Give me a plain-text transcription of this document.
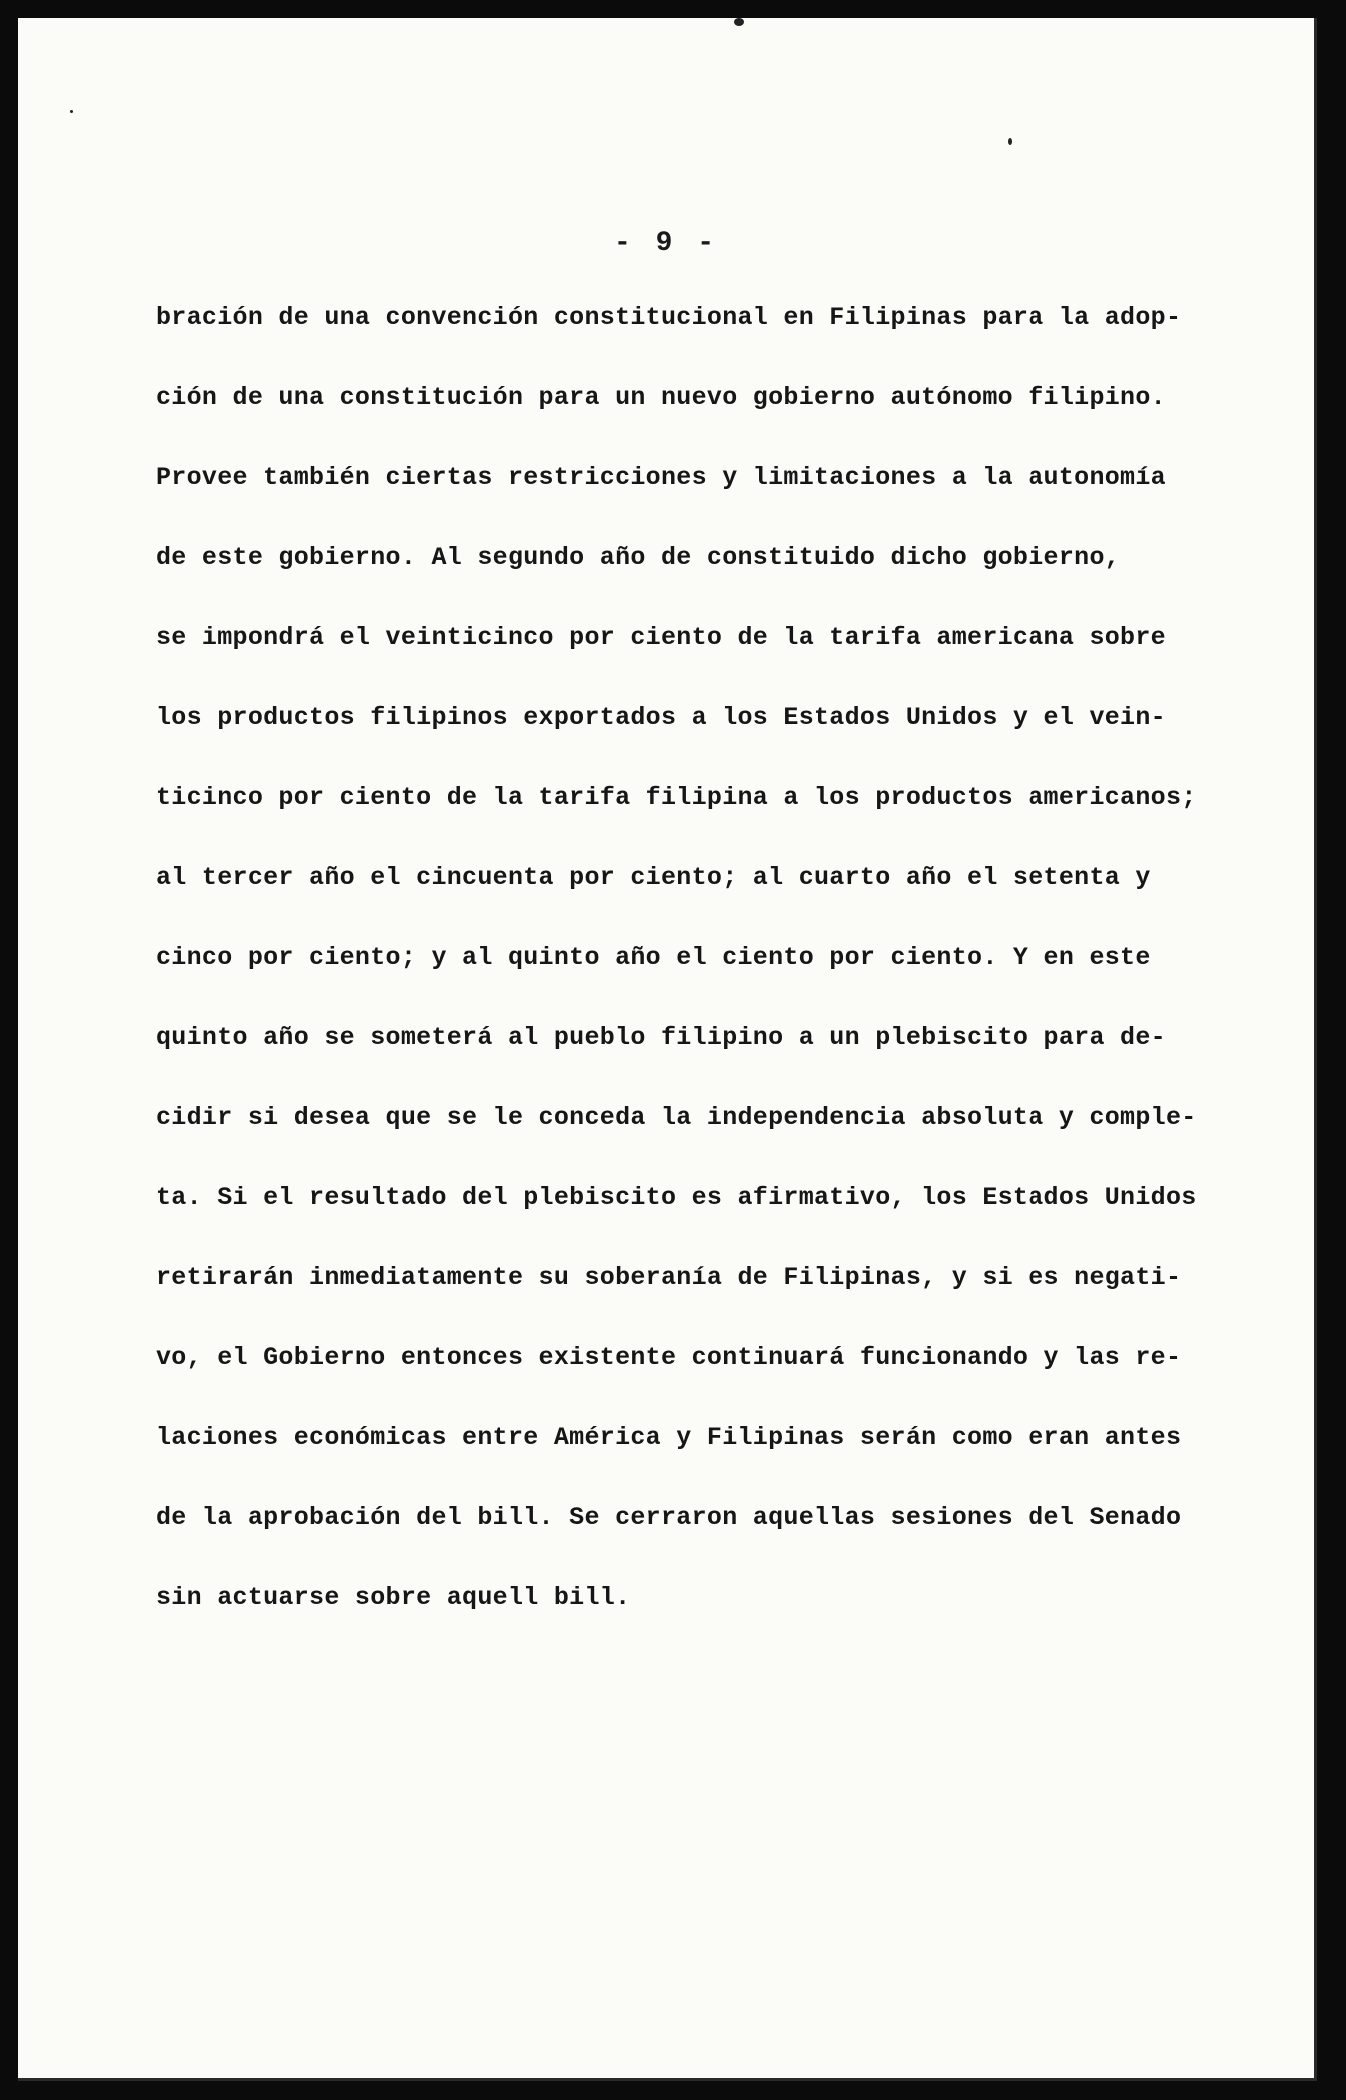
- 9 -
bración de una convención constitucional en Filipinas para la adop-
ción de una constitución para un nuevo gobierno autónomo filipino.
Provee también ciertas restricciones y limitaciones a la autonomía
de este gobierno. Al segundo año de constituido dicho gobierno,
se impondrá el veinticinco por ciento de la tarifa americana sobre
los productos filipinos exportados a los Estados Unidos y el vein-
ticinco por ciento de la tarifa filipina a los productos americanos;
al tercer año el cincuenta por ciento; al cuarto año el setenta y
cinco por ciento; y al quinto año el ciento por ciento. Y en este
quinto año se someterá al pueblo filipino a un plebiscito para de-
cidir si desea que se le conceda la independencia absoluta y comple-
ta. Si el resultado del plebiscito es afirmativo, los Estados Unidos
retirarán inmediatamente su soberanía de Filipinas, y si es negati-
vo, el Gobierno entonces existente continuará funcionando y las re-
laciones económicas entre América y Filipinas serán como eran antes
de la aprobación del bill. Se cerraron aquellas sesiones del Senado
sin actuarse sobre aquell bill.
